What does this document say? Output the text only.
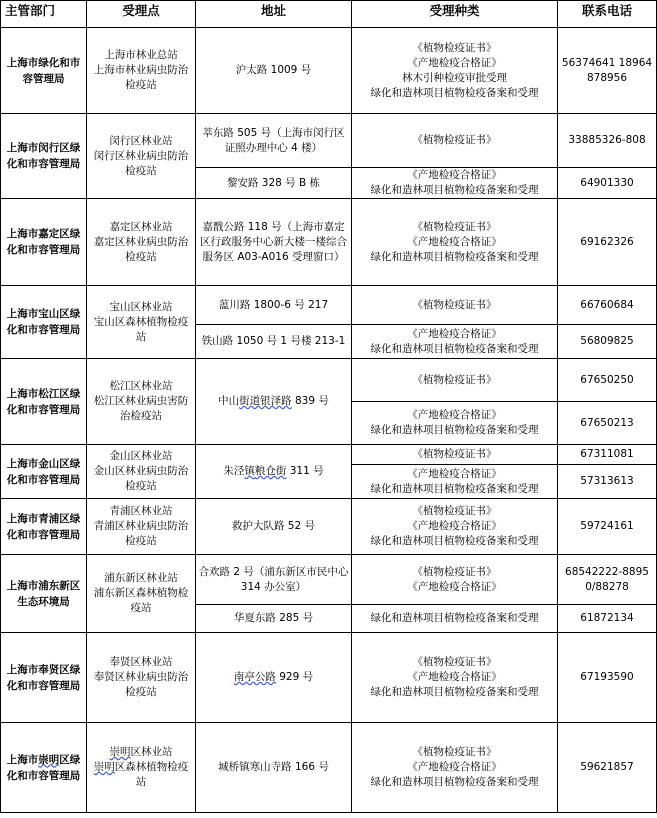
主管部门	受理点	地址	受理种类	联系电话
上海市绿化和市容管理局	上海市林业总站
上海市林业病虫防治检疫站	沪太路 1009 号	《植物检疫证书》
《产地检疫合格证》
林木引种检疫审批受理
绿化和造林项目植物检疫备案和受理	56374641 18964878956
上海市闵行区绿化和市容管理局	闵行区林业站
闵行区林业病虫防治检疫站	莘东路 505 号（上海市闵行区证照办理中心 4 楼）	《植物检疫证书》	33885326-808
		黎安路 328 号 B 栋	《产地检疫合格证》
绿化和造林项目植物检疫备案和受理	64901330
上海市嘉定区绿化和市容管理局	嘉定区林业站
嘉定区林业病虫防治检疫站	嘉戬公路 118 号（上海市嘉定区行政服务中心新大楼一楼综合服务区 A03-A016 受理窗口）	《植物检疫证书》
《产地检疫合格证》
绿化和造林项目植物检疫备案和受理	69162326
上海市宝山区绿化和市容管理局	宝山区林业站
宝山区森林植物检疫站	蕰川路 1800-6 号 217	《植物检疫证书》	66760684
		铁山路 1050 号 1 号楼 213-1	《产地检疫合格证》
绿化和造林项目植物检疫备案和受理	56809825
上海市松江区绿化和市容管理局	松江区林业站
松江区林业病虫害防治检疫站	中山街道银泽路 839 号	《植物检疫证书》	67650250

			《产地检疫合格证》
绿化和造林项目植物检疫备案和受理	67650213
上海市金山区绿化和市容管理局	金山区林业站
金山区林业病虫防治检疫站	朱泾镇粮仓街 311 号	《植物检疫证书》	67311081

			《产地检疫合格证》
绿化和造林项目植物检疫备案和受理	57313613
上海市青浦区绿化和市容管理局	青浦区林业站
青浦区林业病虫防治检疫站	救护大队路 52 号	《植物检疫证书》
《产地检疫合格证》
绿化和造林项目植物检疫备案和受理	59724161
上海市浦东新区生态环境局	浦东新区林业站
浦东新区森林植物检疫站	合欢路 2 号（浦东新区市民中心 314 办公室）	《植物检疫证书》
《产地检疫合格证》	68542222-88950/88278
		华夏东路 285 号	绿化和造林项目植物检疫备案和受理	61872134
上海市奉贤区绿化和市容管理局	奉贤区林业站
奉贤区林业病虫防治检疫站	南亭公路 929 号	《植物检疫证书》
《产地检疫合格证》
绿化和造林项目植物检疫备案和受理	67193590
上海市崇明区绿化和市容管理局	崇明区林业站
崇明区森林植物检疫站	城桥镇寒山寺路 166 号	《植物检疫证书》
《产地检疫合格证》
绿化和造林项目植物检疫备案和受理	59621857
